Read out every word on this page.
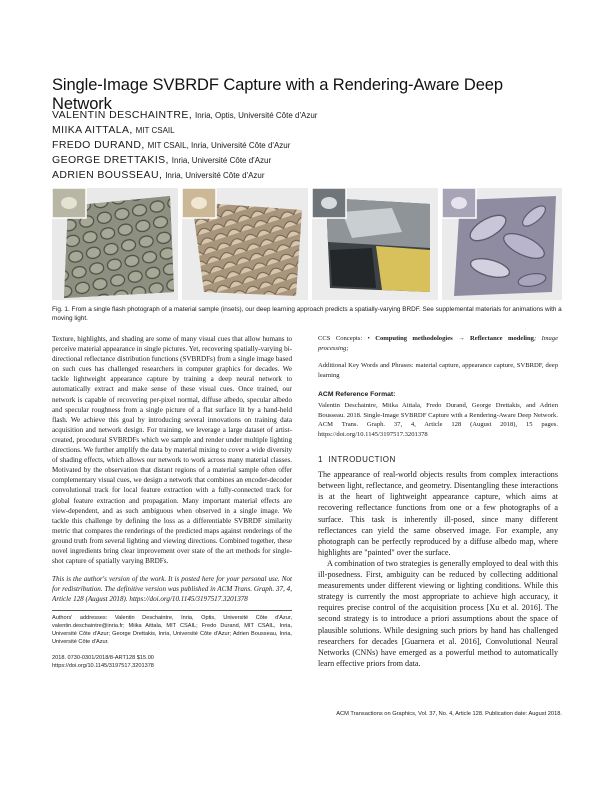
Single-Image SVBRDF Capture with a Rendering-Aware Deep Network
VALENTIN DESCHAINTRE, Inria, Optis, Université Côte d'Azur
MIIKA AITTALA, MIT CSAIL
FREDO DURAND, MIT CSAIL, Inria, Université Côte d'Azur
GEORGE DRETTAKIS, Inria, Université Côte d'Azur
ADRIEN BOUSSEAU, Inria, Université Côte d'Azur
Fig. 1. From a single flash photograph of a material sample (insets), our deep learning approach predicts a spatially-varying BRDF. See supplemental materials for animations with a moving light.
Texture, highlights, and shading are some of many visual cues that allow humans to perceive material appearance in single pictures. Yet, recovering spatially-varying bi-directional reflectance distribution functions (SVBRDFs) from a single image based on such cues has challenged researchers in computer graphics for decades. We tackle lightweight appearance capture by training a deep neural network to automatically extract and make sense of these visual cues. Once trained, our network is capable of recovering per-pixel normal, diffuse albedo, specular albedo and specular roughness from a single picture of a flat surface lit by a hand-held flash. We achieve this goal by introducing several innovations on training data acquisition and network design. For training, we leverage a large dataset of artist-created, procedural SVBRDFs which we sample and render under multiple lighting directions. We further amplify the data by material mixing to cover a wide diversity of shading effects, which allows our network to work across many material classes. Motivated by the observation that distant regions of a material sample often offer complementary visual cues, we design a network that combines an encoder-decoder convolutional track for local feature extraction with a fully-connected track for global feature extraction and propagation. Many important material effects are view-dependent, and as such ambiguous when observed in a single image. We tackle this challenge by defining the loss as a differentiable SVBRDF similarity metric that compares the renderings of the predicted maps against renderings of the ground truth from several lighting and viewing directions. Combined together, these novel ingredients bring clear improvement over state of the art methods for single-shot capture of spatially varying BRDFs.
This is the author's version of the work. It is posted here for your personal use. Not for redistribution. The definitive version was published in ACM Trans. Graph. 37, 4, Article 128 (August 2018). https://doi.org/10.1145/3197517.3201378
Authors' addresses: Valentin Deschaintre, Inria, Optis, Université Côte d'Azur, valentin.deschaintre@inria.fr; Miika Aittala, MIT CSAIL; Fredo Durand, MIT CSAIL, Inria, Université Côte d'Azur; George Drettakis, Inria, Université Côte d'Azur; Adrien Bousseau, Inria, Université Côte d'Azur.
2018. 0730-0301/2018/8-ART128 $15.00
https://doi.org/10.1145/3197517.3201378
CCS Concepts: • Computing methodologies → Reflectance modeling; Image processing;
Additional Key Words and Phrases: material capture, appearance capture, SVBRDF, deep learning
ACM Reference Format:
Valentin Deschaintre, Miika Aittala, Fredo Durand, George Drettakis, and Adrien Bousseau. 2018. Single-Image SVBRDF Capture with a Rendering-Aware Deep Network. ACM Trans. Graph. 37, 4, Article 128 (August 2018), 15 pages. https://doi.org/10.1145/3197517.3201378
1 INTRODUCTION
The appearance of real-world objects results from complex interactions between light, reflectance, and geometry. Disentangling these interactions is at the heart of lightweight appearance capture, which aims at recovering reflectance functions from one or a few photographs of a surface. This task is inherently ill-posed, since many different reflectances can yield the same observed image. For example, any photograph can be perfectly reproduced by a diffuse albedo map, where highlights are "painted" over the surface.
A combination of two strategies is generally employed to deal with this ill-posedness. First, ambiguity can be reduced by collecting additional measurements under different viewing or lighting conditions. While this strategy is currently the most appropriate to achieve high accuracy, it requires precise control of the acquisition process [Xu et al. 2016]. The second strategy is to introduce a priori assumptions about the space of plausible solutions. While designing such priors by hand has challenged researchers for decades [Guarnera et al. 2016], Convolutional Neural Networks (CNNs) have emerged as a powerful method to automatically learn effective priors from data.
ACM Transactions on Graphics, Vol. 37, No. 4, Article 128. Publication date: August 2018.
